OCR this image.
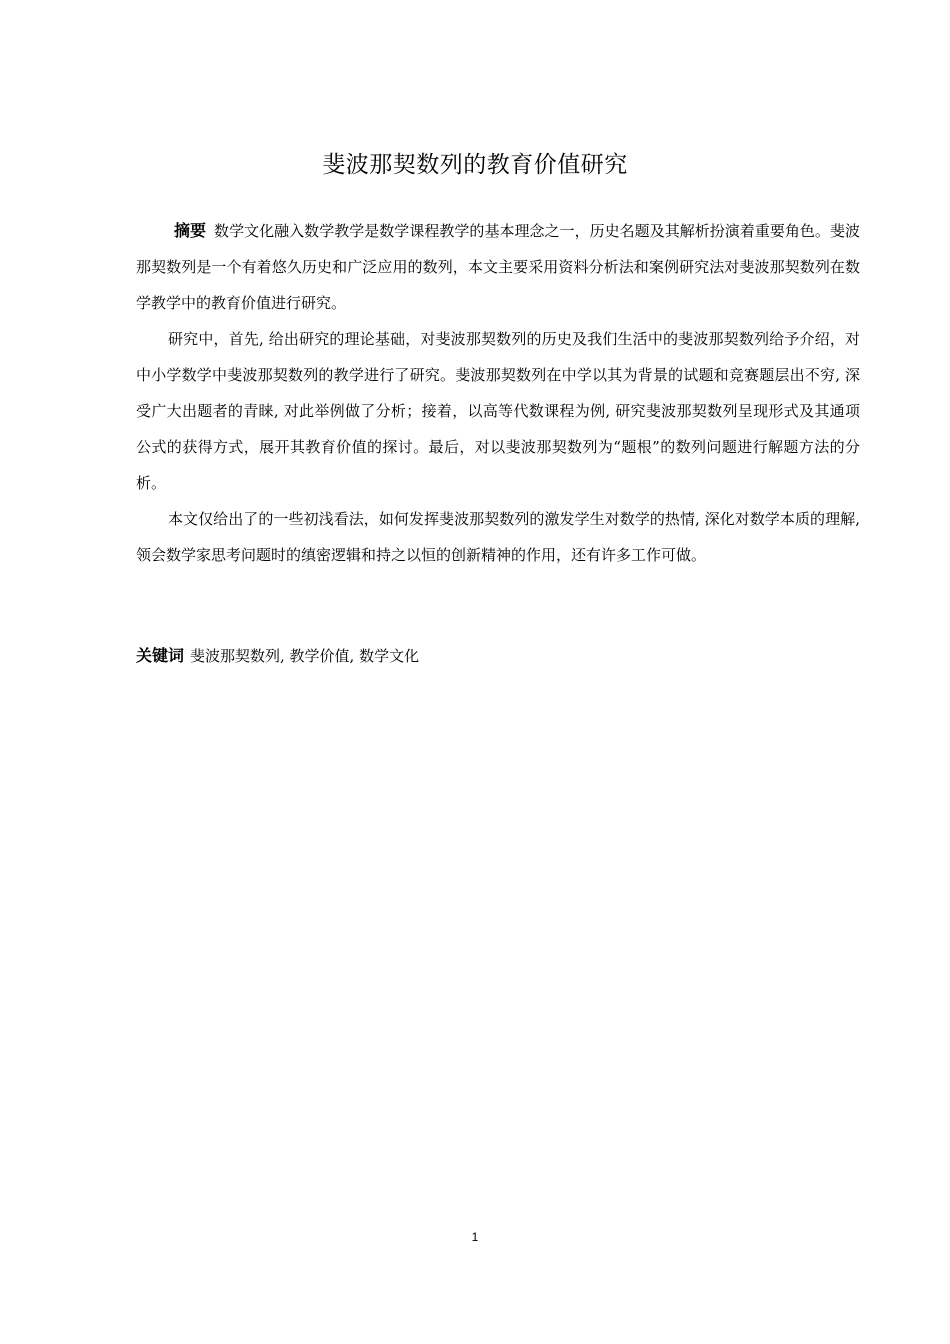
斐波那契数列的教育价值研究

摘要 数学文化融入数学教学是数学课程教学的基本理念之一，历史名题及其解析扮演着重要角色。斐波那契数列是一个有着悠久历史和广泛应用的数列，本文主要采用资料分析法和案例研究法对斐波那契数列在数学教学中的教育价值进行研究。

研究中，首先, 给出研究的理论基础，对斐波那契数列的历史及我们生活中的斐波那契数列给予介绍，对中小学数学中斐波那契数列的教学进行了研究。斐波那契数列在中学以其为背景的试题和竞赛题层出不穷, 深受广大出题者的青睐, 对此举例做了分析；接着，以高等代数课程为例, 研究斐波那契数列呈现形式及其通项公式的获得方式，展开其教育价值的探讨。最后，对以斐波那契数列为“题根”的数列问题进行解题方法的分析。

本文仅给出了的一些初浅看法，如何发挥斐波那契数列的激发学生对数学的热情, 深化对数学本质的理解, 领会数学家思考问题时的缜密逻辑和持之以恒的创新精神的作用，还有许多工作可做。

关键词 斐波那契数列, 教学价值, 数学文化
1
